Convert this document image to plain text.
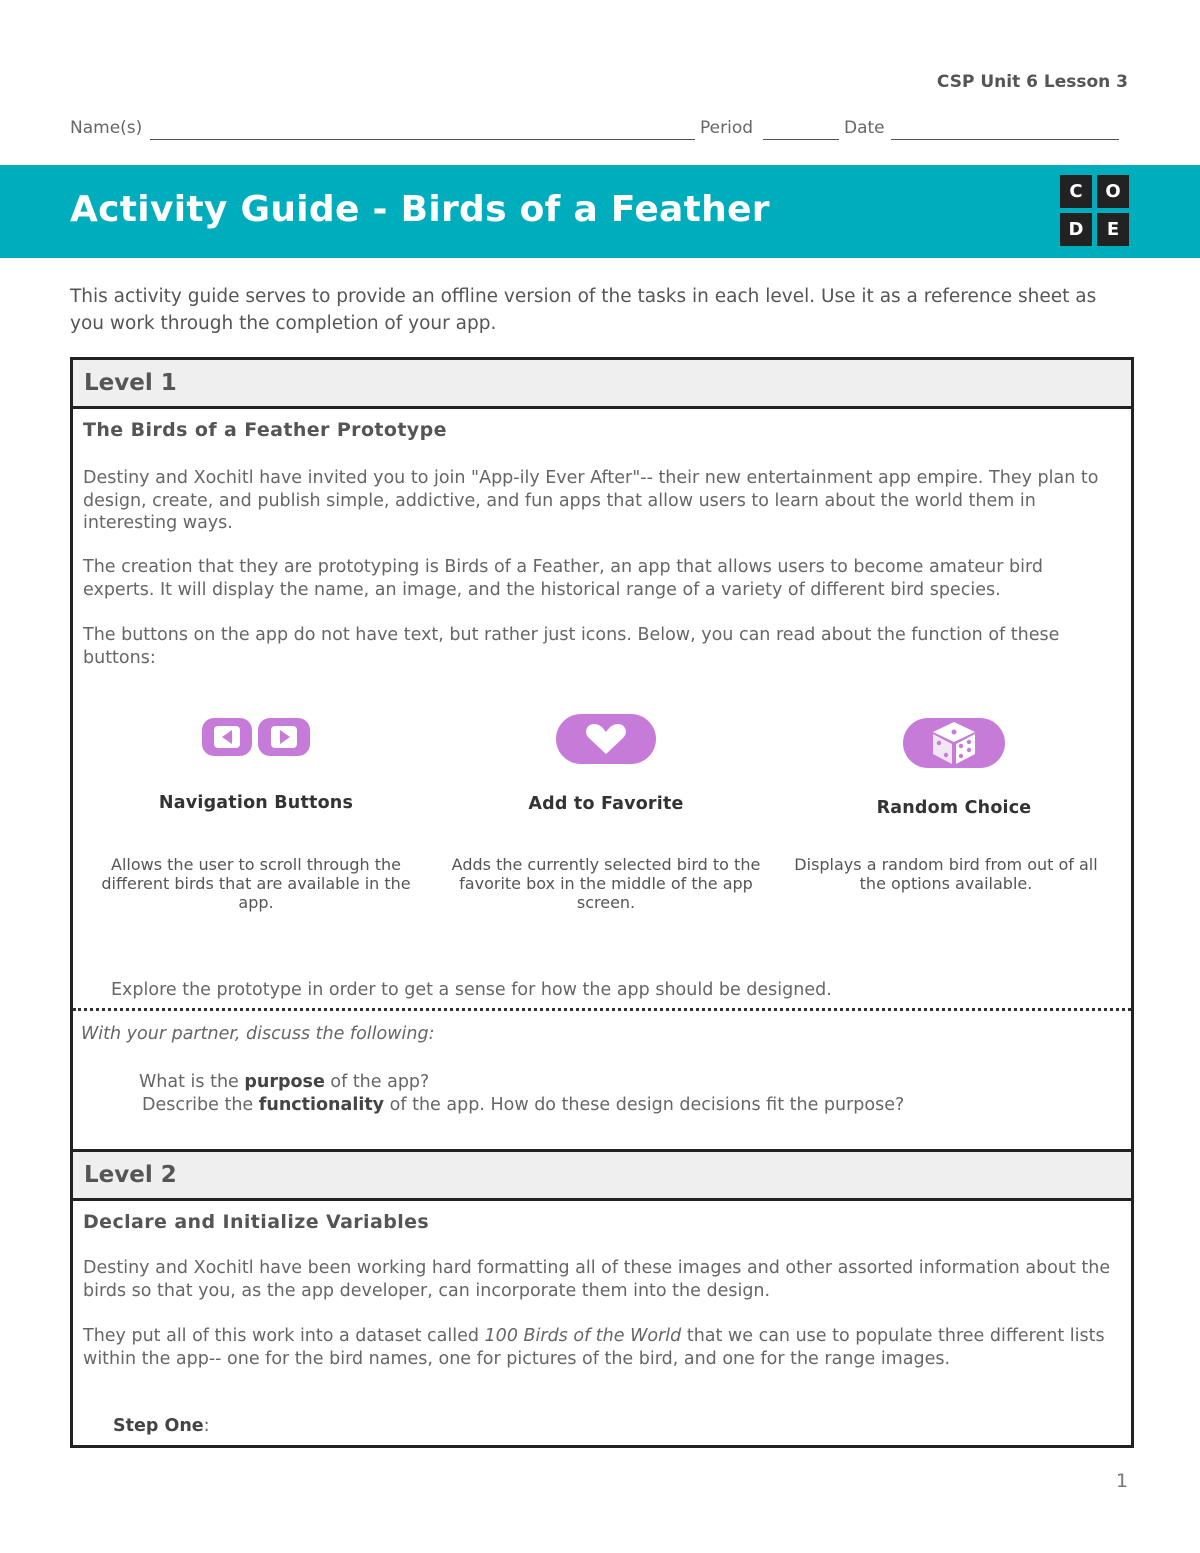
CSP Unit 6 Lesson 3
Name(s)	Period	Date
Activity Guide - Birds of a Feather	C	O
D	E
This activity guide serves to provide an offline version of the tasks in each level. Use it as a reference sheet as you work through the completion of your app.
Level 1
The Birds of a Feather Prototype
Destiny and Xochitl have invited you to join "App-ily Ever After"-- their new entertainment app empire. They plan to design, create, and publish simple, addictive, and fun apps that allow users to learn about the world them in interesting ways.
The creation that they are prototyping is Birds of a Feather, an app that allows users to become amateur bird experts. It will display the name, an image, and the historical range of a variety of different bird species.
The buttons on the app do not have text, but rather just icons. Below, you can read about the function of these buttons:
Navigation Buttons	Add to Favorite	Random Choice
Allows the user to scroll through the different birds that are available in the app.
Adds the currently selected bird to the favorite box in the middle of the app screen.
Displays a random bird from out of all the options available.
Explore the prototype in order to get a sense for how the app should be designed.
With your partner, discuss the following:
What is the purpose of the app?
Describe the functionality of the app. How do these design decisions fit the purpose?
Level 2
Declare and Initialize Variables
Destiny and Xochitl have been working hard formatting all of these images and other assorted information about the birds so that you, as the app developer, can incorporate them into the design.
They put all of this work into a dataset called 100 Birds of the World that we can use to populate three different lists within the app-- one for the bird names, one for pictures of the bird, and one for the range images.
Step One:
1
